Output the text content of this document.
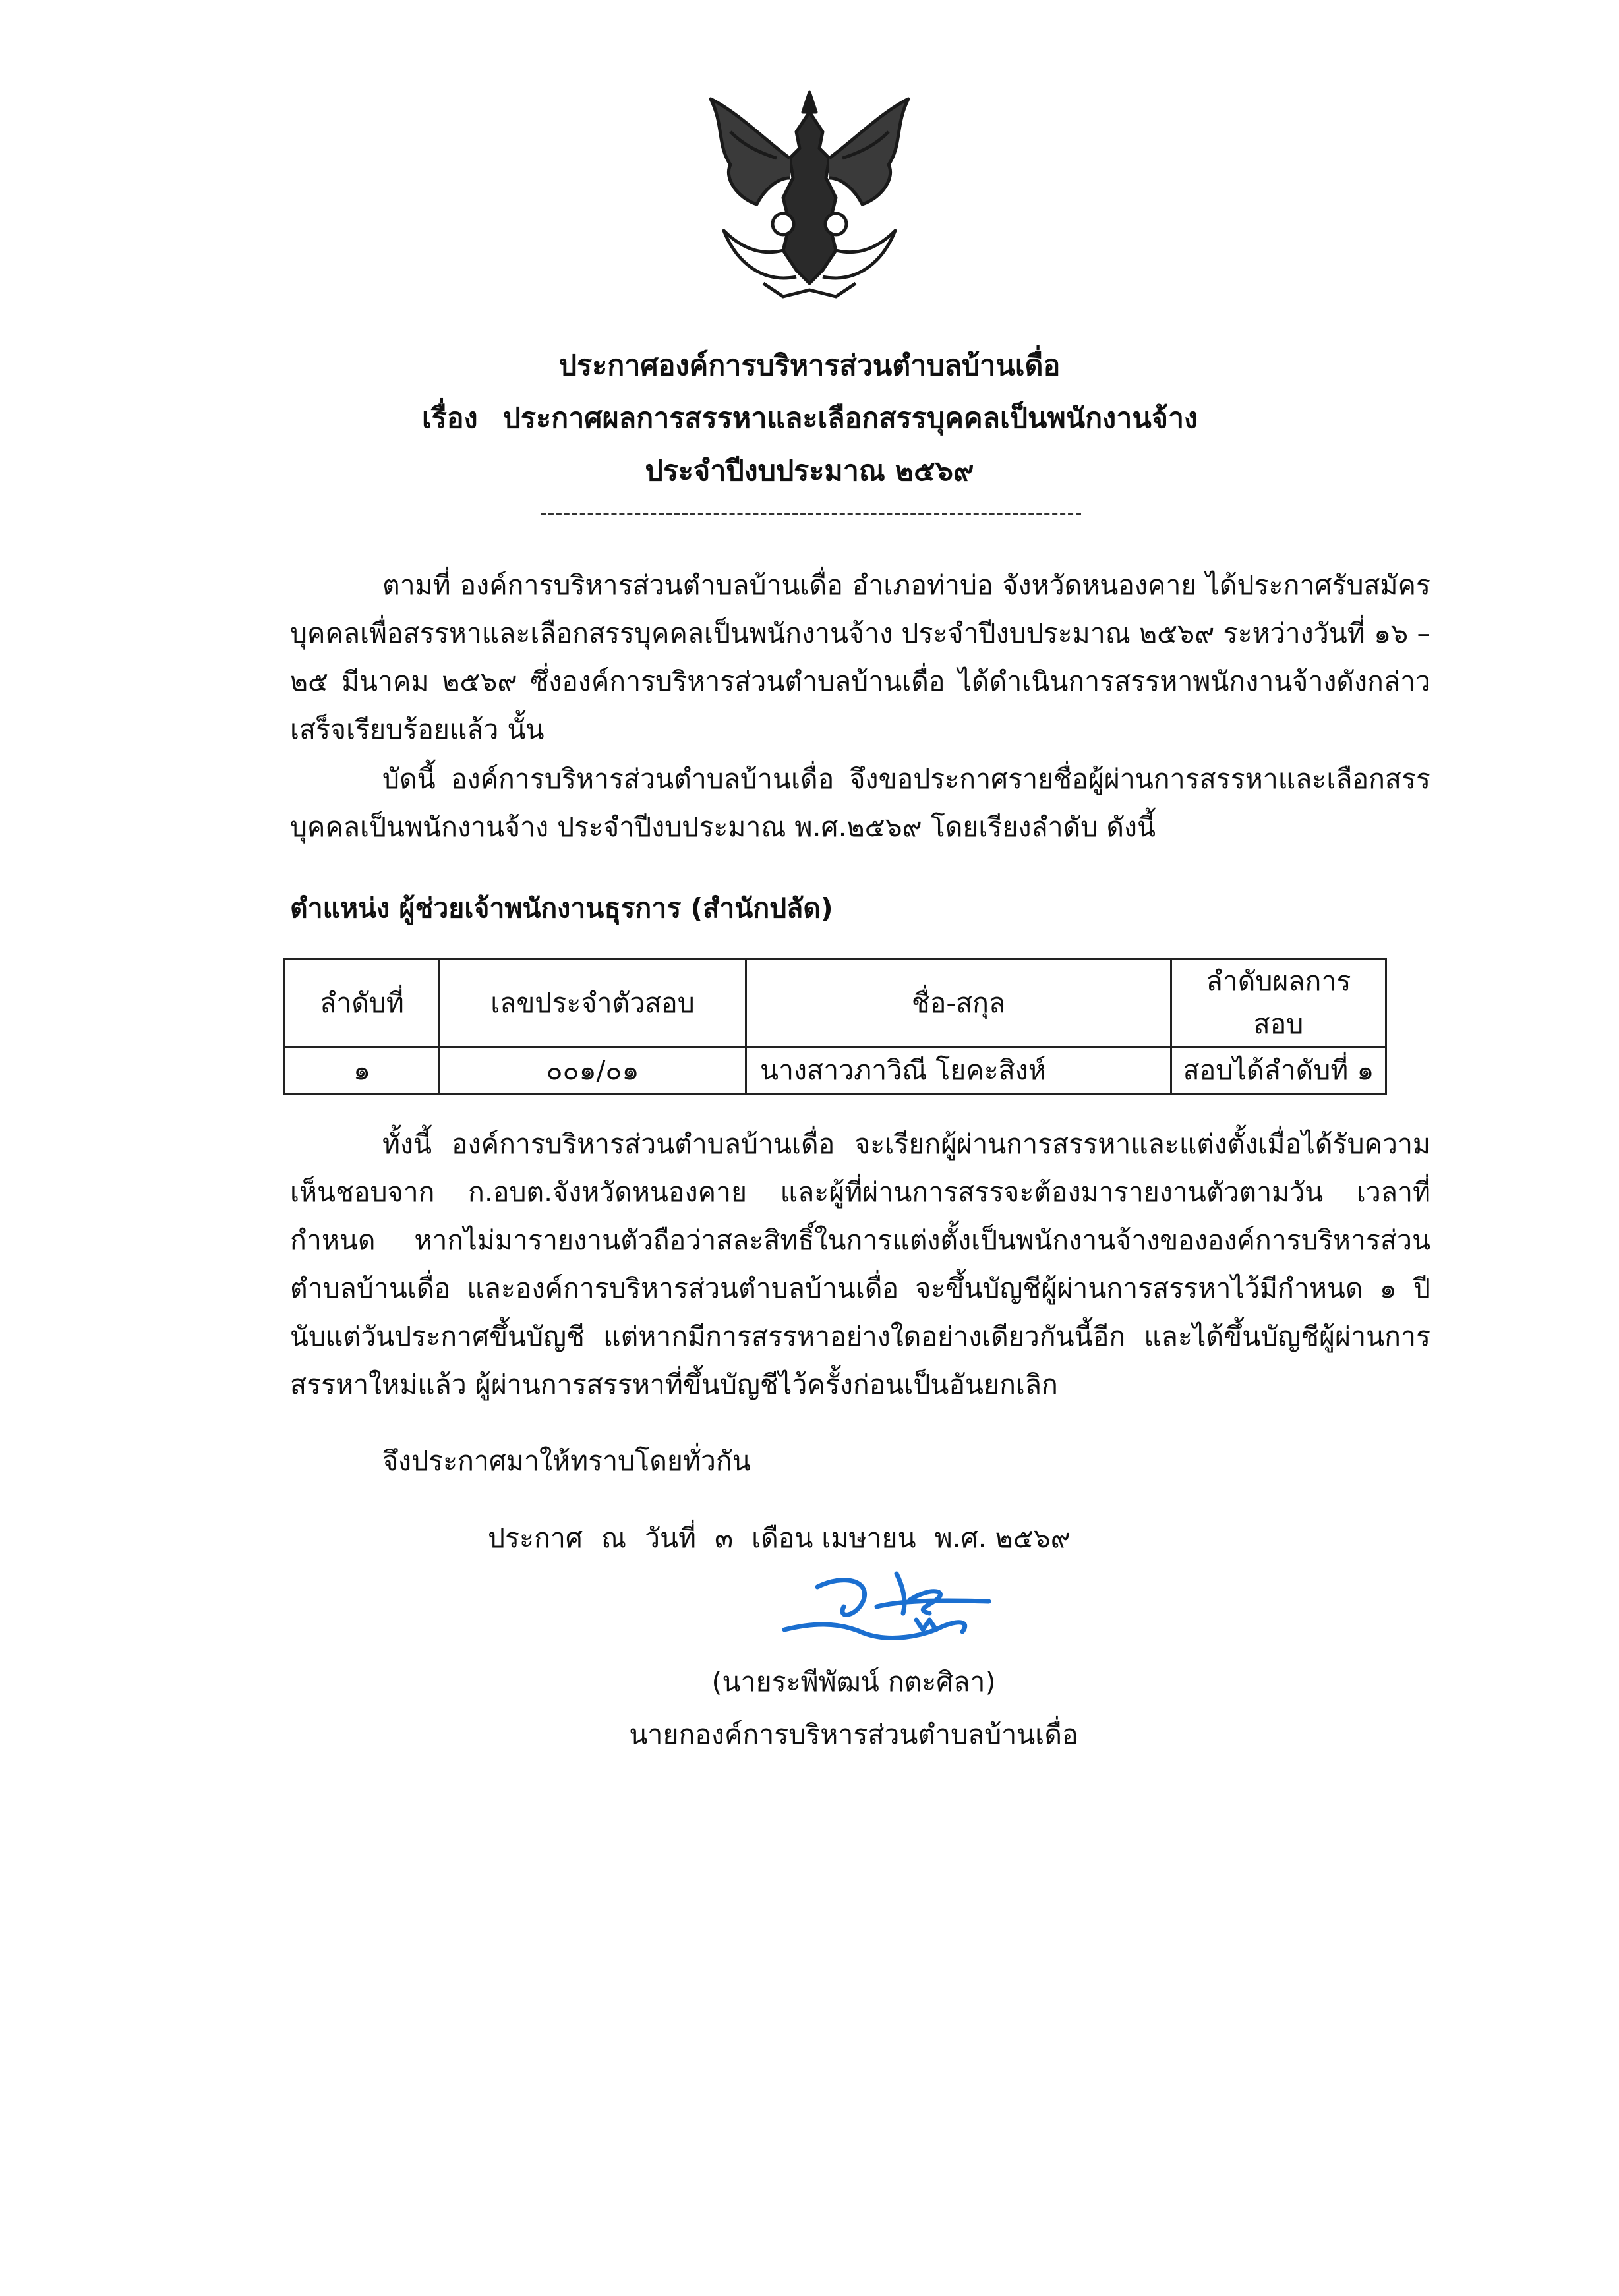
ประกาศองค์การบริหารส่วนตำบลบ้านเดื่อ
เรื่อง ประกาศผลการสรรหาและเลือกสรรบุคคลเป็นพนักงานจ้าง
ประจำปีงบประมาณ ๒๕๖๙
ตามที่ องค์การบริหารส่วนตำบลบ้านเดื่อ อำเภอท่าบ่อ จังหวัดหนองคาย ได้ประกาศรับสมัครบุคคลเพื่อสรรหาและเลือกสรรบุคคลเป็นพนักงานจ้าง ประจำปีงบประมาณ ๒๕๖๙ ระหว่างวันที่ ๑๖ –๒๕ มีนาคม ๒๕๖๙ ซึ่งองค์การบริหารส่วนตำบลบ้านเดื่อ ได้ดำเนินการสรรหาพนักงานจ้างดังกล่าวเสร็จเรียบร้อยแล้ว นั้น
บัดนี้ องค์การบริหารส่วนตำบลบ้านเดื่อ จึงขอประกาศรายชื่อผู้ผ่านการสรรหาและเลือกสรรบุคคลเป็นพนักงานจ้าง ประจำปีงบประมาณ พ.ศ.๒๕๖๙ โดยเรียงลำดับ ดังนี้
ตำแหน่ง ผู้ช่วยเจ้าพนักงานธุรการ (สำนักปลัด)
ลำดับที่	เลขประจำตัวสอบ	ชื่อ-สกุล	ลำดับผลการสอบ
๑	๐๐๑/๐๑	นางสาวภาวิณี โยคะสิงห์	สอบได้ลำดับที่ ๑
ทั้งนี้ องค์การบริหารส่วนตำบลบ้านเดื่อ จะเรียกผู้ผ่านการสรรหาและแต่งตั้งเมื่อได้รับความเห็นชอบจาก ก.อบต.จังหวัดหนองคาย และผู้ที่ผ่านการสรรจะต้องมารายงานตัวตามวัน เวลาที่กำหนด หากไม่มารายงานตัวถือว่าสละสิทธิ์ในการแต่งตั้งเป็นพนักงานจ้างขององค์การบริหารส่วนตำบลบ้านเดื่อ และองค์การบริหารส่วนตำบลบ้านเดื่อ จะขึ้นบัญชีผู้ผ่านการสรรหาไว้มีกำหนด ๑ ปี นับแต่วันประกาศขึ้นบัญชี แต่หากมีการสรรหาอย่างใดอย่างเดียวกันนี้อีก และได้ขึ้นบัญชีผู้ผ่านการสรรหาใหม่แล้ว ผู้ผ่านการสรรหาที่ขึ้นบัญชีไว้ครั้งก่อนเป็นอันยกเลิก
จึงประกาศมาให้ทราบโดยทั่วกัน
ประกาศ ณ วันที่ ๓ เดือน เมษายน พ.ศ. ๒๕๖๙
(นายระพีพัฒน์ กตะศิลา)
นายกองค์การบริหารส่วนตำบลบ้านเดื่อ
